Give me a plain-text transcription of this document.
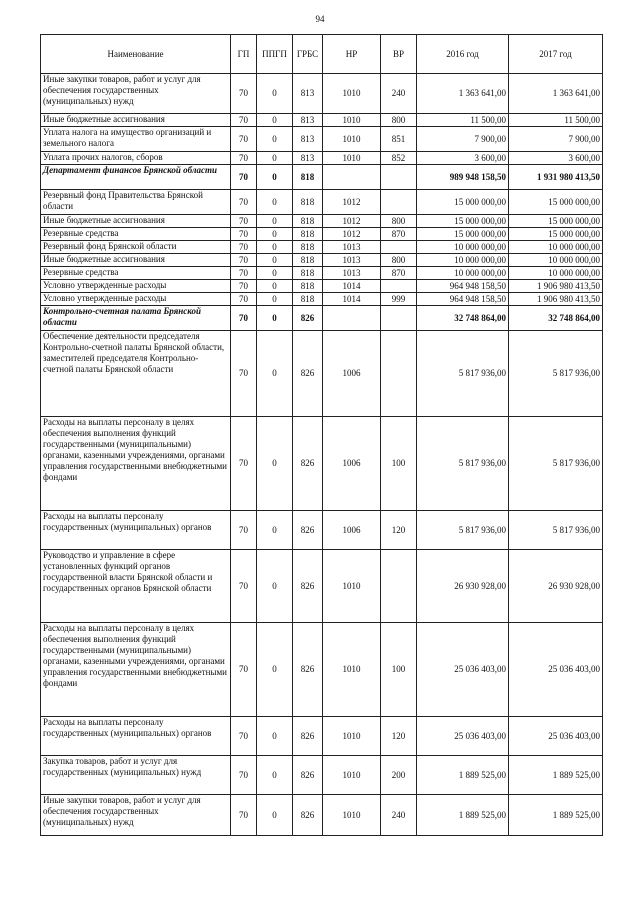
94
Наименование	ГП	ППГП	ГРБС	НР	ВР	2016 год	2017 год
Иные закупки товаров, работ и услуг для обеспечения государственных (муниципальных) нужд	70	0	813	1010	240	1 363 641,00	1 363 641,00
Иные бюджетные ассигнования	70	0	813	1010	800	11 500,00	11 500,00
Уплата налога на имущество организаций и земельного налога	70	0	813	1010	851	7 900,00	7 900,00
Уплата прочих налогов, сборов	70	0	813	1010	852	3 600,00	3 600,00
Департамент финансов Брянской области	70	0	818			989 948 158,50	1 931 980 413,50
Резервный фонд Правительства Брянской области	70	0	818	1012		15 000 000,00	15 000 000,00
Иные бюджетные ассигнования	70	0	818	1012	800	15 000 000,00	15 000 000,00
Резервные средства	70	0	818	1012	870	15 000 000,00	15 000 000,00
Резервный фонд Брянской области	70	0	818	1013		10 000 000,00	10 000 000,00
Иные бюджетные ассигнования	70	0	818	1013	800	10 000 000,00	10 000 000,00
Резервные средства	70	0	818	1013	870	10 000 000,00	10 000 000,00
Условно утвержденные расходы	70	0	818	1014		964 948 158,50	1 906 980 413,50
Условно утвержденные расходы	70	0	818	1014	999	964 948 158,50	1 906 980 413,50
Контрольно-счетная палата Брянской области	70	0	826			32 748 864,00	32 748 864,00
Обеспечение деятельности председателя Контрольно-счетной палаты Брянской области, заместителей председателя Контрольно-счетной палаты Брянской области	70	0	826	1006		5 817 936,00	5 817 936,00
Расходы на выплаты персоналу в целях обеспечения выполнения функций государственными (муниципальными) органами, казенными учреждениями, органами управления государственными внебюджетными фондами	70	0	826	1006	100	5 817 936,00	5 817 936,00
Расходы на выплаты персоналу государственных (муниципальных) органов	70	0	826	1006	120	5 817 936,00	5 817 936,00
Руководство и управление в сфере установленных функций органов государственной власти Брянской области и государственных органов Брянской области	70	0	826	1010		26 930 928,00	26 930 928,00
Расходы на выплаты персоналу в целях обеспечения выполнения функций государственными (муниципальными) органами, казенными учреждениями, органами управления государственными внебюджетными фондами	70	0	826	1010	100	25 036 403,00	25 036 403,00
Расходы на выплаты персоналу государственных (муниципальных) органов	70	0	826	1010	120	25 036 403,00	25 036 403,00
Закупка товаров, работ и услуг для государственных (муниципальных) нужд	70	0	826	1010	200	1 889 525,00	1 889 525,00
Иные закупки товаров, работ и услуг для обеспечения государственных (муниципальных) нужд	70	0	826	1010	240	1 889 525,00	1 889 525,00
